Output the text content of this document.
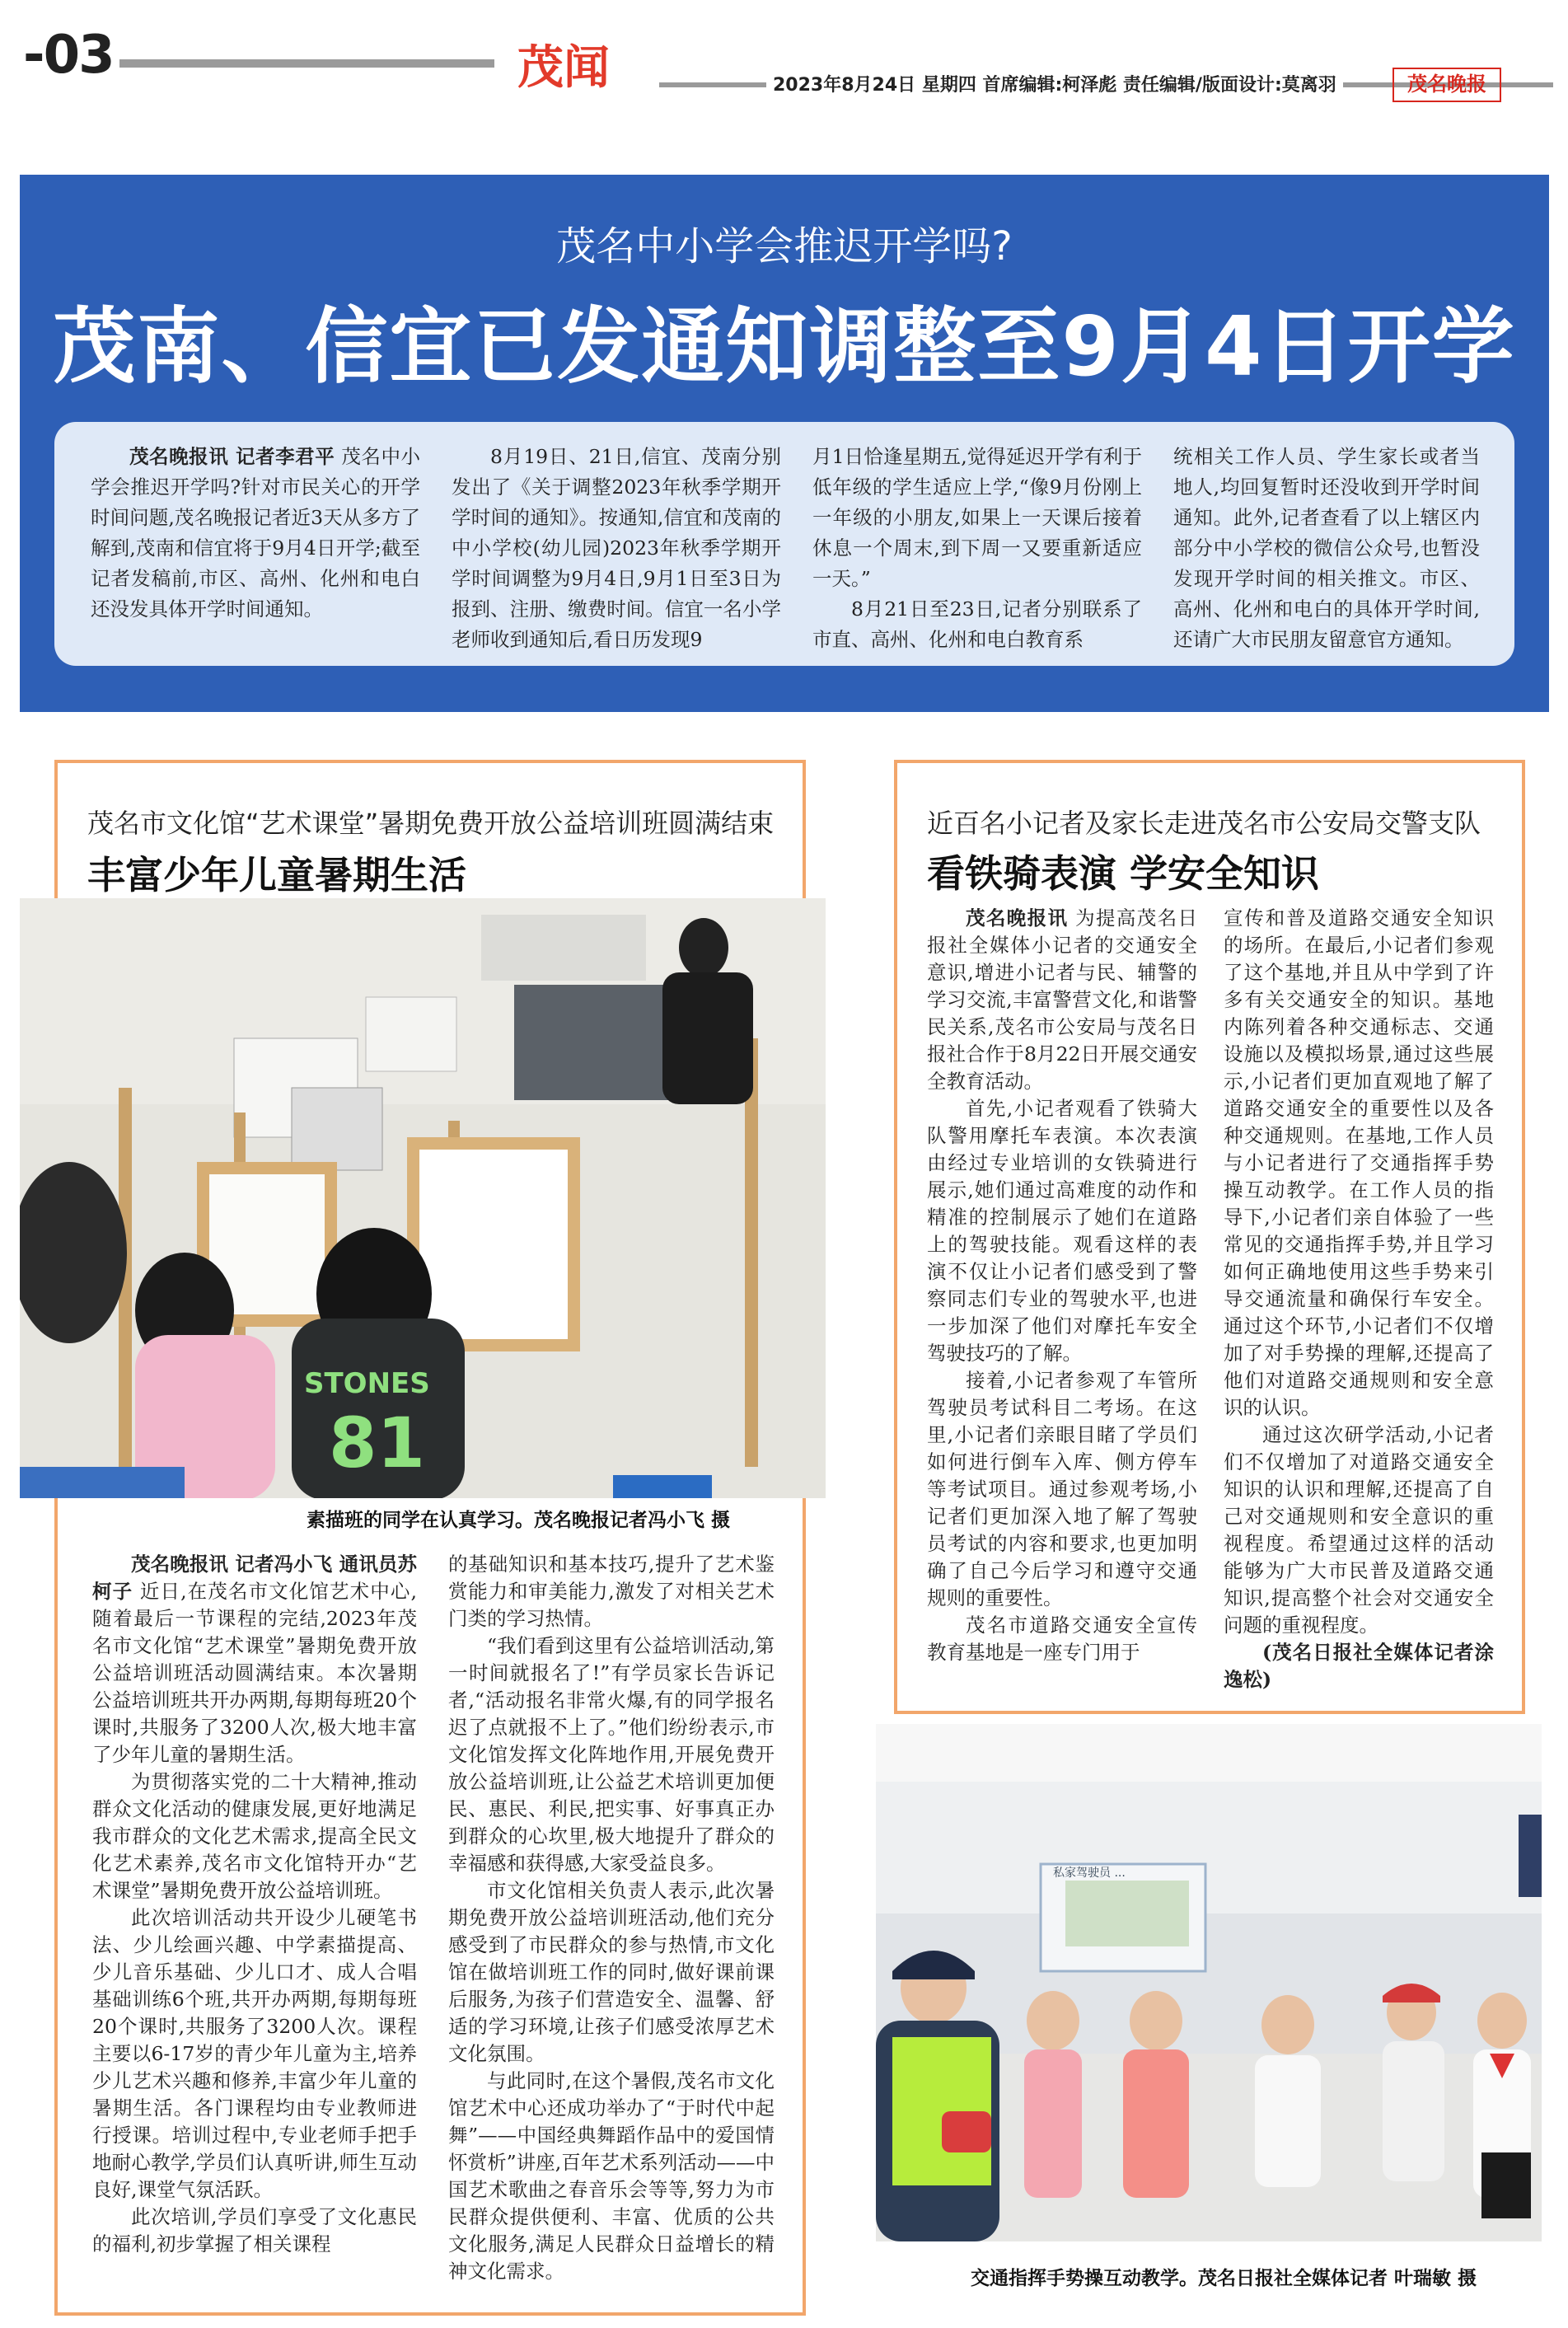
-03	茂闻	2023年8月24日 星期四 首席编辑:柯泽彪 责任编辑/版面设计:莫离羽	茂名晚报
茂名中小学会推迟开学吗?
茂南、信宜已发通知调整至9月4日开学

茂名晚报讯 记者李君平 茂名中小学会推迟开学吗?针对市民关心的开学时间问题,茂名晚报记者近3天从多方了解到,茂南和信宜将于9月4日开学;截至记者发稿前,市区、高州、化州和电白还没发具体开学时间通知。

8月19日、21日,信宜、茂南分别发出了《关于调整2023年秋季学期开学时间的通知》。按通知,信宜和茂南的中小学校(幼儿园)2023年秋季学期开学时间调整为9月4日,9月1日至3日为报到、注册、缴费时间。信宜一名小学老师收到通知后,看日历发现9

月1日恰逢星期五,觉得延迟开学有利于低年级的学生适应上学,“像9月份刚上一年级的小朋友,如果上一天课后接着休息一个周末,到下周一又要重新适应一天。”
8月21日至23日,记者分别联系了市直、高州、化州和电白教育系

统相关工作人员、学生家长或者当地人,均回复暂时还没收到开学时间通知。此外,记者查看了以上辖区内部分中小学校的微信公众号,也暂没发现开学时间的相关推文。市区、高州、化州和电白的具体开学时间,还请广大市民朋友留意官方通知。

茂名市文化馆“艺术课堂”暑期免费开放公益培训班圆满结束
丰富少年儿童暑期生活

茂名晚报讯 记者冯小飞 通讯员苏柯子 近日,在茂名市文化馆艺术中心,随着最后一节课程的完结,2023年茂名市文化馆“艺术课堂”暑期免费开放公益培训班活动圆满结束。本次暑期公益培训班共开办两期,每期每班20个课时,共服务了3200人次,极大地丰富了少年儿童的暑期生活。

为贯彻落实党的二十大精神,推动群众文化活动的健康发展,更好地满足我市群众的文化艺术需求,提高全民文化艺术素养,茂名市文化馆特开办“艺术课堂”暑期免费开放公益培训班。

此次培训活动共开设少儿硬笔书法、少儿绘画兴趣、中学素描提高、少儿音乐基础、少儿口才、成人合唱基础训练6个班,共开办两期,每期每班20个课时,共服务了3200人次。课程主要以6-17岁的青少年儿童为主,培养少儿艺术兴趣和修养,丰富少年儿童的暑期生活。各门课程均由专业教师进行授课。培训过程中,专业老师手把手地耐心教学,学员们认真听讲,师生互动良好,课堂气氛活跃。

此次培训,学员们享受了文化惠民的福利,初步掌握了相关课程

的基础知识和基本技巧,提升了艺术鉴赏能力和审美能力,激发了对相关艺术门类的学习热情。

“我们看到这里有公益培训活动,第一时间就报名了!”有学员家长告诉记者,“活动报名非常火爆,有的同学报名迟了点就报不上了。”他们纷纷表示,市文化馆发挥文化阵地作用,开展免费开放公益培训班,让公益艺术培训更加便民、惠民、利民,把实事、好事真正办到群众的心坎里,极大地提升了群众的幸福感和获得感,大家受益良多。

市文化馆相关负责人表示,此次暑期免费开放公益培训班活动,他们充分感受到了市民群众的参与热情,市文化馆在做培训班工作的同时,做好课前课后服务,为孩子们营造安全、温馨、舒适的学习环境,让孩子们感受浓厚艺术文化氛围。

与此同时,在这个暑假,茂名市文化馆艺术中心还成功举办了“于时代中起舞”——中国经典舞蹈作品中的爱国情怀赏析”讲座,百年艺术系列活动——中国艺术歌曲之春音乐会等等,努力为市民群众提供便利、丰富、优质的公共文化服务,满足人民群众日益增长的精神文化需求。

STONES
81
素描班的同学在认真学习。茂名晚报记者冯小飞 摄
近百名小记者及家长走进茂名市公安局交警支队
看铁骑表演 学安全知识

茂名晚报讯 为提高茂名日报社全媒体小记者的交通安全意识,增进小记者与民、辅警的学习交流,丰富警营文化,和谐警民关系,茂名市公安局与茂名日报社合作于8月22日开展交通安全教育活动。

首先,小记者观看了铁骑大队警用摩托车表演。本次表演由经过专业培训的女铁骑进行展示,她们通过高难度的动作和精准的控制展示了她们在道路上的驾驶技能。观看这样的表演不仅让小记者们感受到了警察同志们专业的驾驶水平,也进一步加深了他们对摩托车安全驾驶技巧的了解。

接着,小记者参观了车管所驾驶员考试科目二考场。在这里,小记者们亲眼目睹了学员们如何进行倒车入库、侧方停车等考试项目。通过参观考场,小记者们更加深入地了解了驾驶员考试的内容和要求,也更加明确了自己今后学习和遵守交通规则的重要性。

茂名市道路交通安全宣传教育基地是一座专门用于

宣传和普及道路交通安全知识的场所。在最后,小记者们参观了这个基地,并且从中学到了许多有关交通安全的知识。基地内陈列着各种交通标志、交通设施以及模拟场景,通过这些展示,小记者们更加直观地了解了道路交通安全的重要性以及各种交通规则。在基地,工作人员与小记者进行了交通指挥手势操互动教学。在工作人员的指导下,小记者们亲自体验了一些常见的交通指挥手势,并且学习如何正确地使用这些手势来引导交通流量和确保行车安全。通过这个环节,小记者们不仅增加了对手势操的理解,还提高了他们对道路交通规则和安全意识的认识。

通过这次研学活动,小记者们不仅增加了对道路交通安全知识的认识和理解,还提高了自己对交通规则和安全意识的重视程度。希望通过这样的活动能够为广大市民普及道路交通知识,提高整个社会对交通安全问题的重视程度。

(茂名日报社全媒体记者涂逸松)

私家驾驶员 ...
交通指挥手势操互动教学。茂名日报社全媒体记者 叶瑞敏 摄
